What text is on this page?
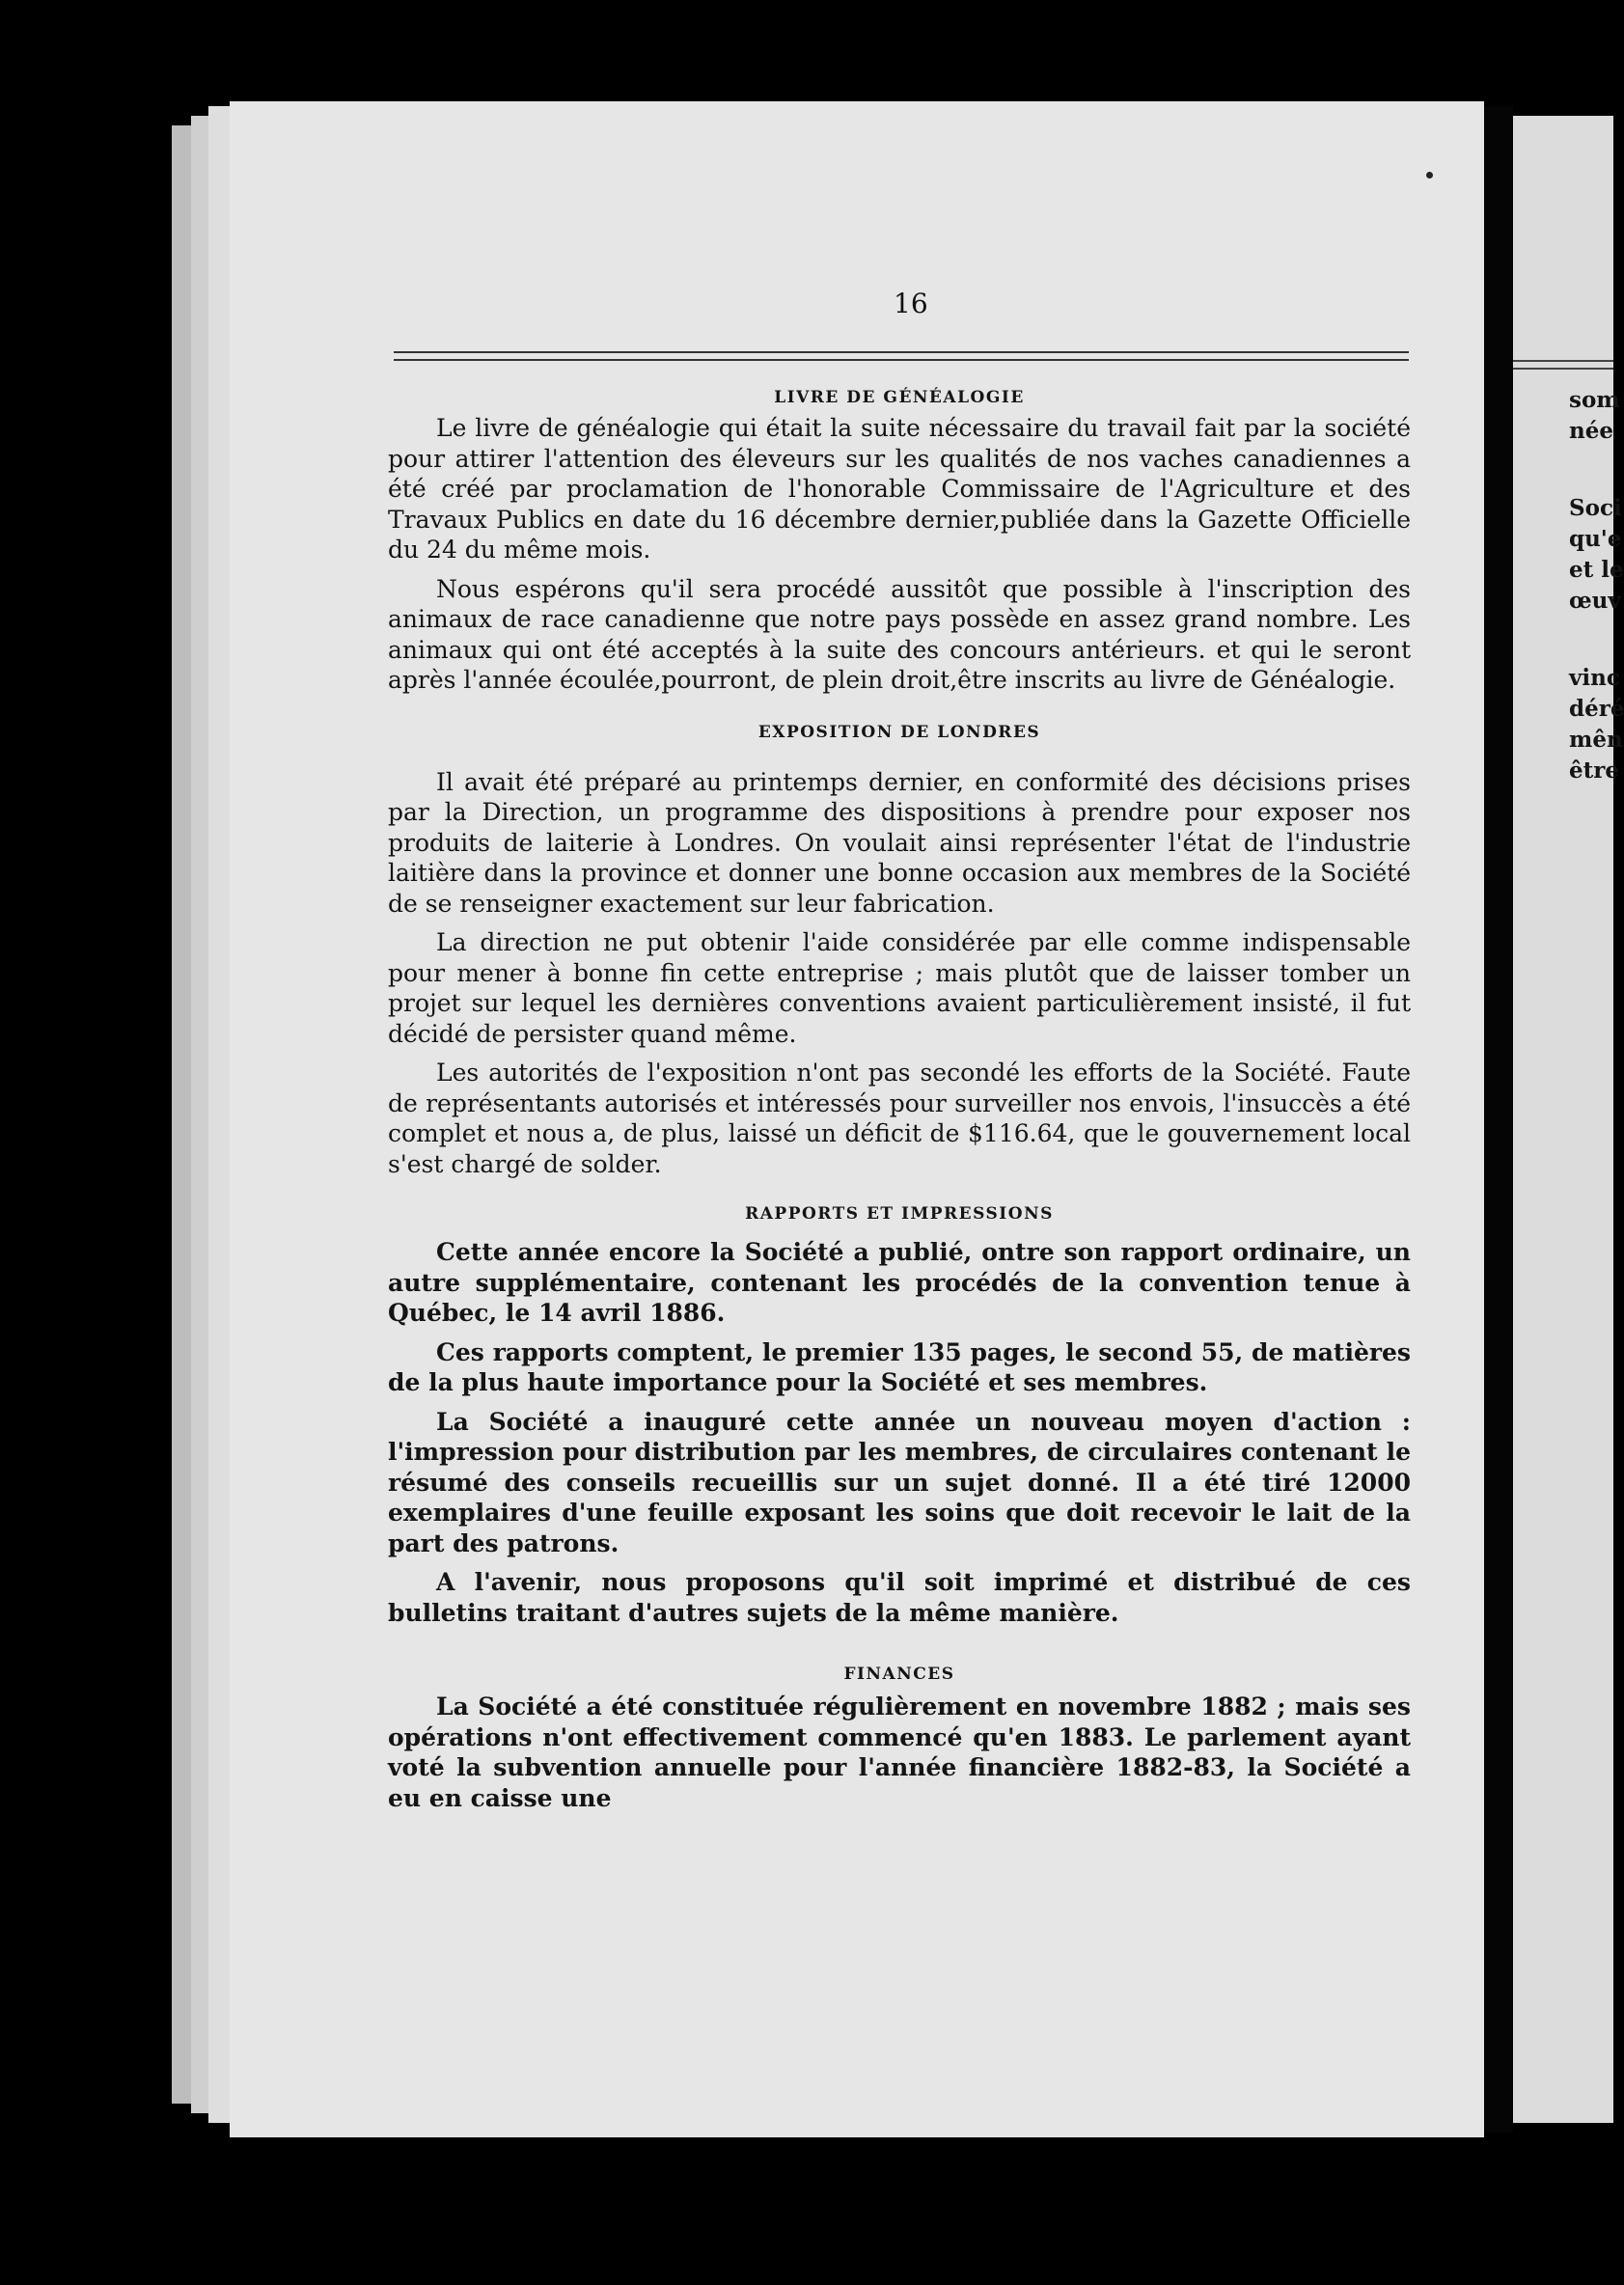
som
née
Soci
qu'e
et le
œuv
vinc
déré
mên
être
16
LIVRE DE GÉNÉALOGIE

Le livre de généalogie qui était la suite nécessaire du travail fait par la société pour attirer l'attention des éleveurs sur les qualités de nos vaches canadiennes a été créé par proclamation de l'honorable Commissaire de l'Agriculture et des Travaux Publics en date du 16 décembre dernier,publiée dans la Gazette Officielle du 24 du même mois.

Nous espérons qu'il sera procédé aussitôt que possible à l'inscription des animaux de race canadienne que notre pays possède en assez grand nombre. Les animaux qui ont été acceptés à la suite des concours antérieurs. et qui le seront après l'année écoulée,pourront, de plein droit,être inscrits au livre de Généalogie.

EXPOSITION DE LONDRES

Il avait été préparé au printemps dernier, en conformité des décisions prises par la Direction, un programme des dispositions à prendre pour exposer nos produits de laiterie à Londres. On voulait ainsi représenter l'état de l'industrie laitière dans la province et donner une bonne occasion aux membres de la Société de se renseigner exactement sur leur fabrication.

La direction ne put obtenir l'aide considérée par elle comme indispensable pour mener à bonne fin cette entreprise ; mais plutôt que de laisser tomber un projet sur lequel les dernières conventions avaient particulièrement insisté, il fut décidé de persister quand même.

Les autorités de l'exposition n'ont pas secondé les efforts de la Société. Faute de représentants autorisés et intéressés pour surveiller nos envois, l'insuccès a été complet et nous a, de plus, laissé un déficit de $116.64, que le gouvernement local s'est chargé de solder.

RAPPORTS ET IMPRESSIONS

Cette année encore la Société a publié, ontre son rapport ordinaire, un autre supplémentaire, contenant les procédés de la convention tenue à Québec, le 14 avril 1886.

Ces rapports comptent, le premier 135 pages, le second 55, de matières de la plus haute importance pour la Société et ses membres.

La Société a inauguré cette année un nouveau moyen d'action : l'impression pour distribution par les membres, de circulaires contenant le résumé des conseils recueillis sur un sujet donné. Il a été tiré 12000 exemplaires d'une feuille exposant les soins que doit recevoir le lait de la part des patrons.

A l'avenir, nous proposons qu'il soit imprimé et distribué de ces bulletins traitant d'autres sujets de la même manière.

FINANCES

La Société a été constituée régulièrement en novembre 1882 ; mais ses opérations n'ont effectivement commencé qu'en 1883. Le parlement ayant voté la subvention annuelle pour l'année financière 1882-83, la Société a eu en caisse une
